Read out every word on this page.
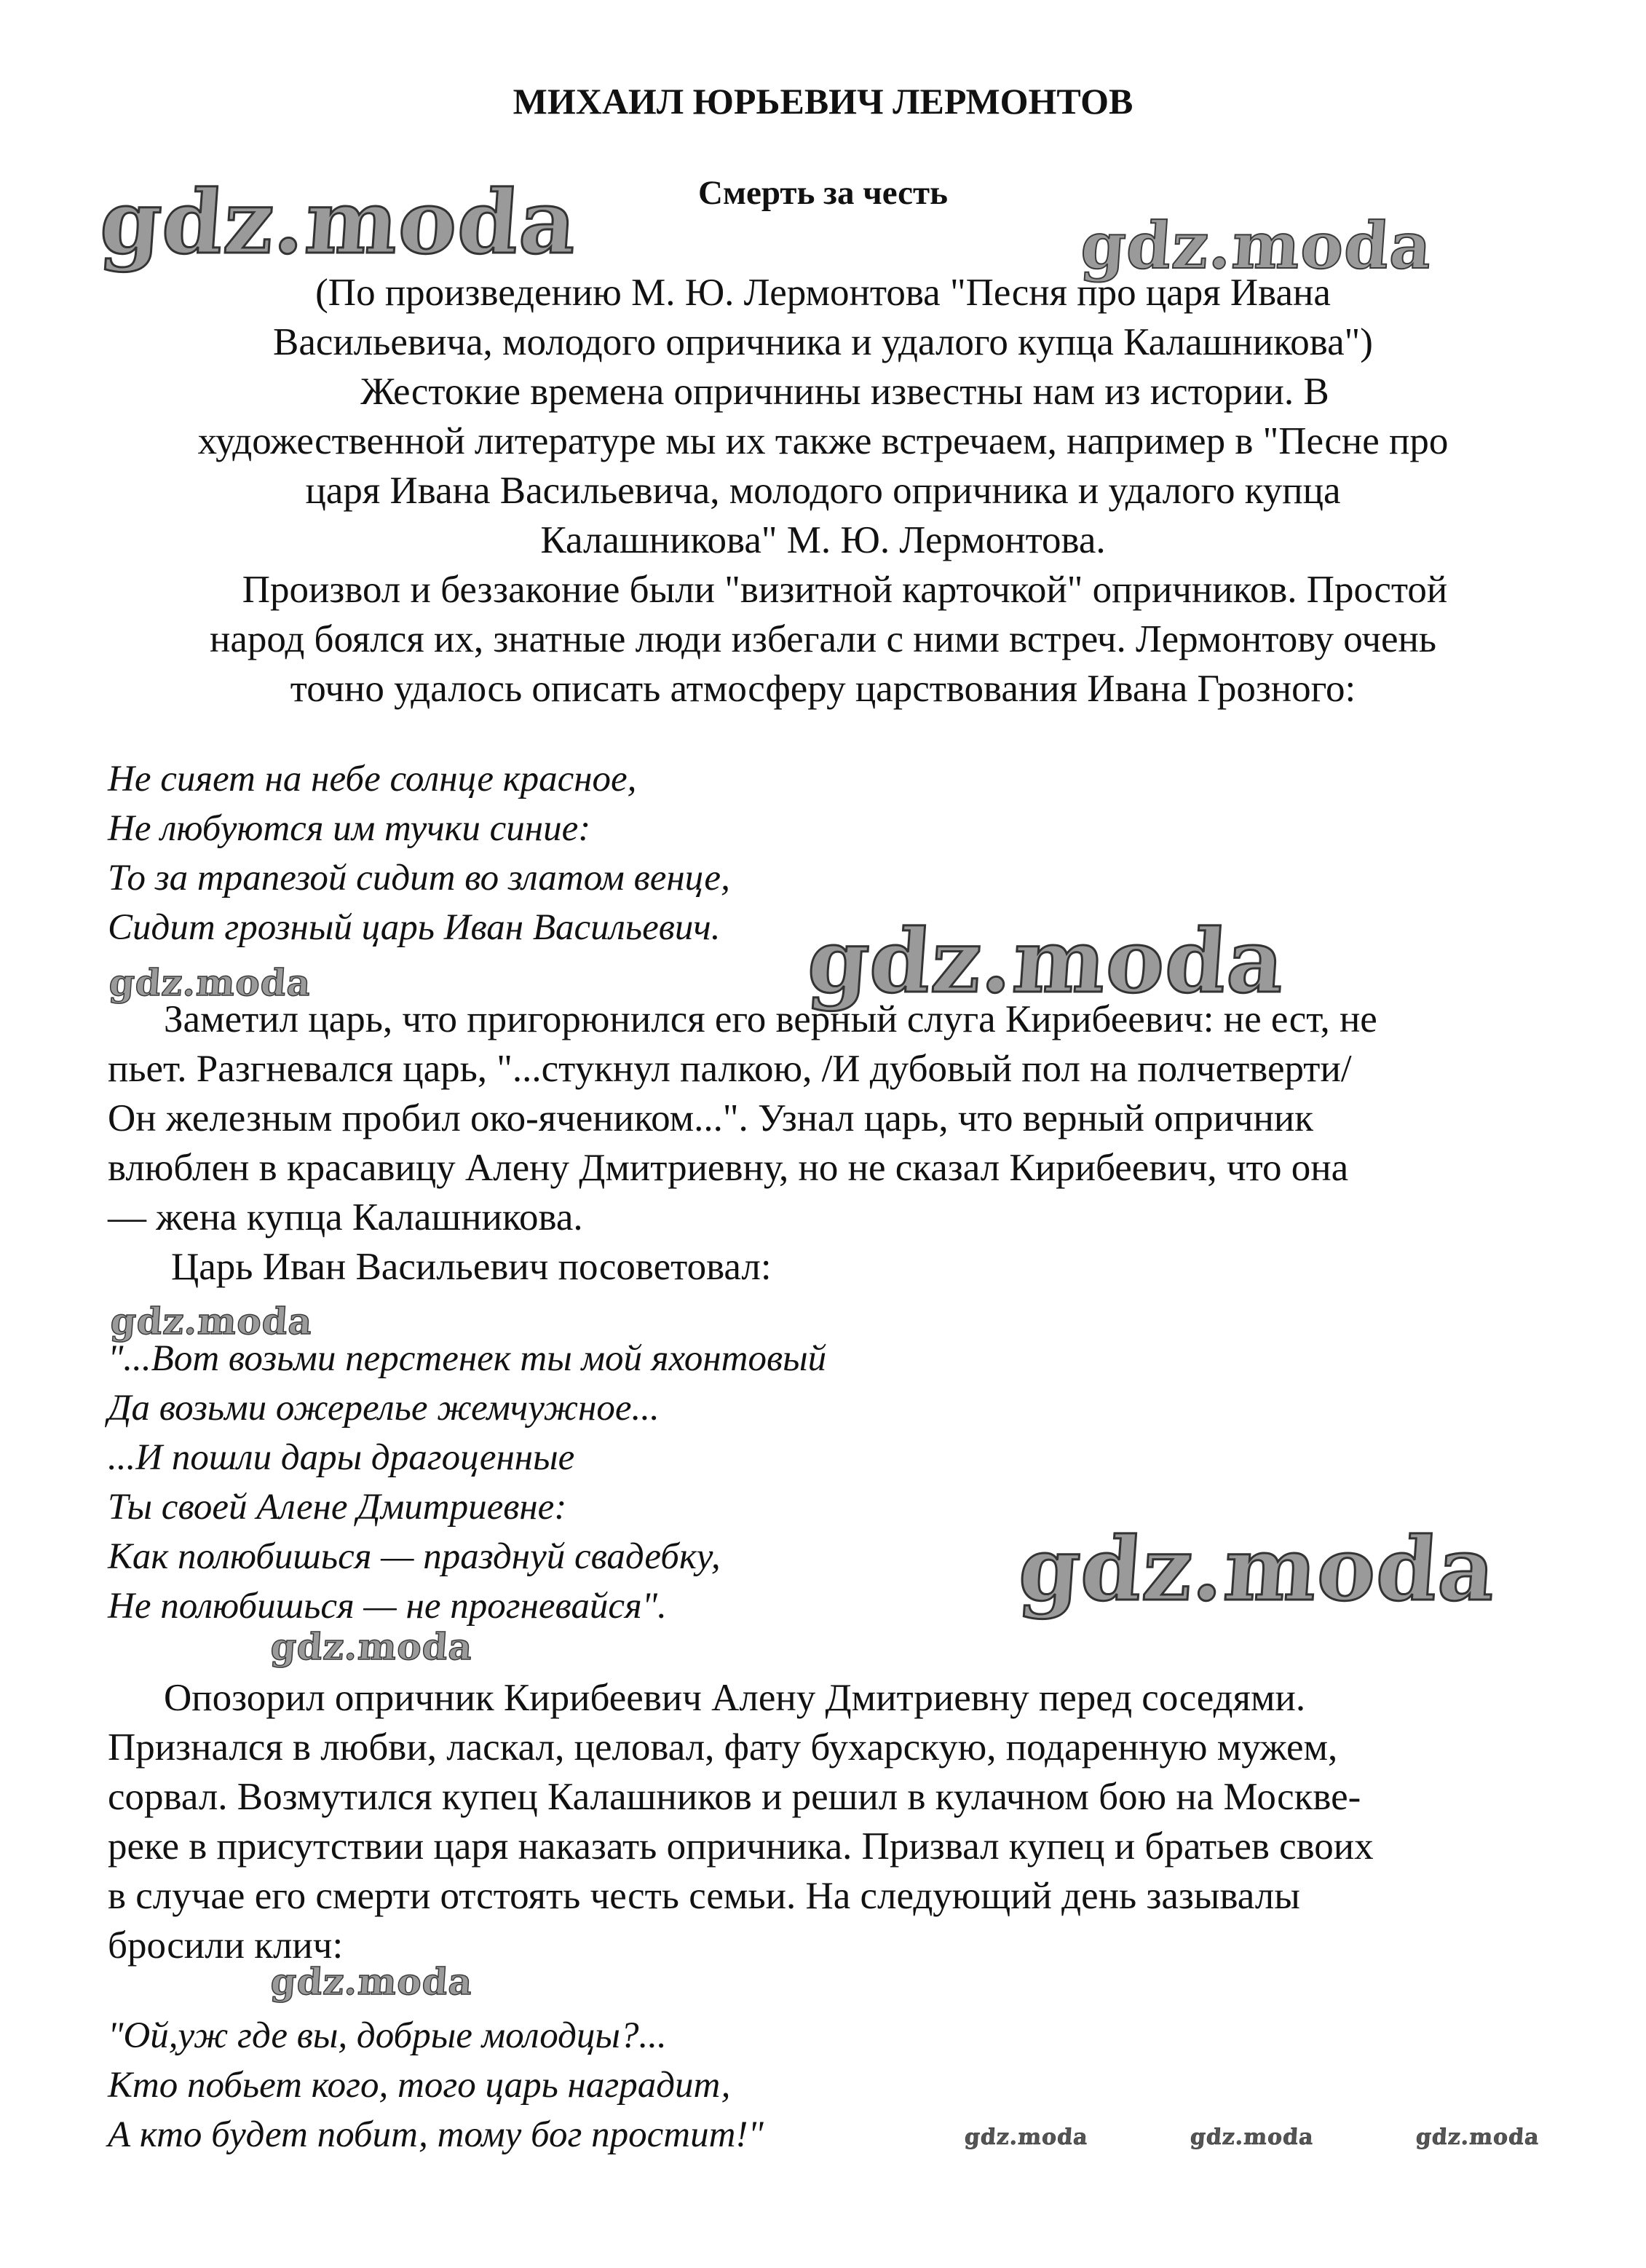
МИХАИЛ ЮРЬЕВИЧ ЛЕРМОНТОВ
Смерть за честь
(По произведению М. Ю. Лермонтова "Песня про царя Ивана
Васильевича, молодого опричника и удалого купца Калашникова")
Жестокие времена опричнины известны нам из истории. В
художественной литературе мы их также встречаем, например в "Песне про
царя Ивана Васильевича, молодого опричника и удалого купца
Калашникова" М. Ю. Лермонтова.
Произвол и беззаконие были "визитной карточкой" опричников. Простой
народ боялся их, знатные люди избегали с ними встреч. Лермонтову очень
точно удалось описать атмосферу царствования Ивана Грозного:
Не сияет на небе солнце красное,
Не любуются им тучки синие:
То за трапезой сидит во златом венце,
Сидит грозный царь Иван Васильевич.
Заметил царь, что пригорюнился его верный слуга Кирибеевич: не ест, не
пьет. Разгневался царь, "...стукнул палкою, /И дубовый пол на полчетверти/
Он железным пробил око-ячеником...". Узнал царь, что верный опричник
влюблен в красавицу Алену Дмитриевну, но не сказал Кирибеевич, что она
— жена купца Калашникова.
Царь Иван Васильевич посоветовал:
"...Вот возьми перстенек ты мой яхонтовый
Да возьми ожерелье жемчужное...
...И пошли дары драгоценные
Ты своей Алене Дмитриевне:
Как полюбишься — празднуй свадебку,
Не полюбишься — не прогневайся".
Опозорил опричник Кирибеевич Алену Дмитриевну перед соседями.
Признался в любви, ласкал, целовал, фату бухарскую, подаренную мужем,
сорвал. Возмутился купец Калашников и решил в кулачном бою на Москве-
реке в присутствии царя наказать опричника. Призвал купец и братьев своих
в случае его смерти отстоять честь семьи. На следующий день зазывалы
бросили клич:
"Ой,уж где вы, добрые молодцы?...
Кто побьет кого, того царь наградит,
А кто будет побит, тому бог простит!"
gdz.moda	gdz.moda
gdz.moda
gdz.moda
gdz.moda
gdz.moda
gdz.moda
gdz.moda
gdz.moda	gdz.moda	gdz.moda
